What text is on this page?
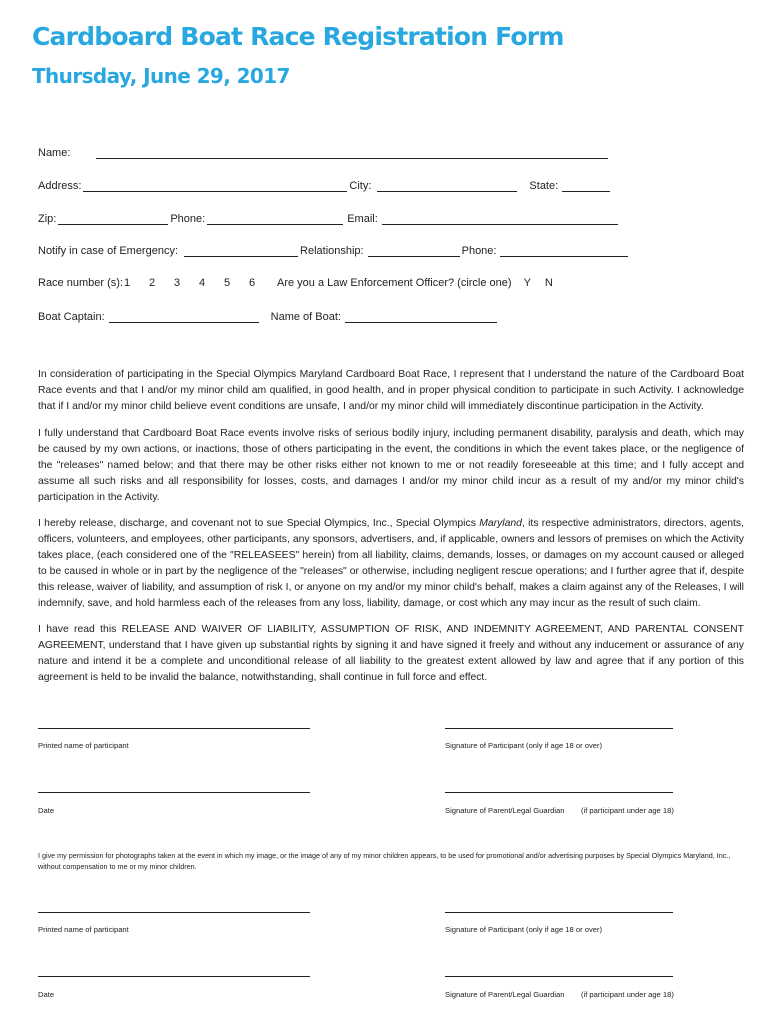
Cardboard Boat Race Registration Form
Thursday, June 29, 2017
Name:
Address:	City:	State:
Zip:	Phone:	Email:
Notify in case of Emergency:	Relationship:	Phone:
Race number (s): 1	2	3	4	5	6	Are you a Law Enforcement Officer? (circle one) Y N
Boat Captain:	Name of Boat:

In consideration of participating in the Special Olympics Maryland Cardboard Boat Race, I represent that I understand the nature of the Cardboard Boat Race events and that I and/or my minor child am qualified, in good health, and in proper physical condition to participate in such Activity. I acknowledge that if I and/or my minor child believe event conditions are unsafe, I and/or my minor child will immediately discontinue participation in the Activity.

I fully understand that Cardboard Boat Race events involve risks of serious bodily injury, including permanent disability, paralysis and death, which may be caused by my own actions, or inactions, those of others participating in the event, the conditions in which the event takes place, or the negligence of the "releases" named below; and that there may be other risks either not known to me or not readily foreseeable at this time; and I fully accept and assume all such risks and all responsibility for losses, costs, and damages I and/or my minor child incur as a result of my and/or my minor child's participation in the Activity.

I hereby release, discharge, and covenant not to sue Special Olympics, Inc., Special Olympics Maryland, its respective administrators, directors, agents, officers, volunteers, and employees, other participants, any sponsors, advertisers, and, if applicable, owners and lessors of premises on which the Activity takes place, (each considered one of the "RELEASEES" herein) from all liability, claims, demands, losses, or damages on my account caused or alleged to be caused in whole or in part by the negligence of the "releases" or otherwise, including negligent rescue operations; and I further agree that if, despite this release, waiver of liability, and assumption of risk I, or anyone on my and/or my minor child's behalf, makes a claim against any of the Releases, I will indemnify, save, and hold harmless each of the releases from any loss, liability, damage, or cost which any may incur as the result of such claim.

I have read this RELEASE AND WAIVER OF LIABILITY, ASSUMPTION OF RISK, AND INDEMNITY AGREEMENT, AND PARENTAL CONSENT AGREEMENT, understand that I have given up substantial rights by signing it and have signed it freely and without any inducement or assurance of any nature and intend it be a complete and unconditional release of all liability to the greatest extent allowed by law and agree that if any portion of this agreement is held to be invalid the balance, notwithstanding, shall continue in full force and effect.

Printed name of participant	Signature of Participant (only if age 18 or over)
Date	Signature of Parent/Legal Guardian (if participant under age 18)

I give my permission for photographs taken at the event in which my image, or the image of any of my minor children appears, to be used for promotional and/or advertising purposes by Special Olympics Maryland, Inc., without compensation to me or my minor children.

Printed name of participant	Signature of Participant (only if age 18 or over)
Date	Signature of Parent/Legal Guardian (if participant under age 18)
